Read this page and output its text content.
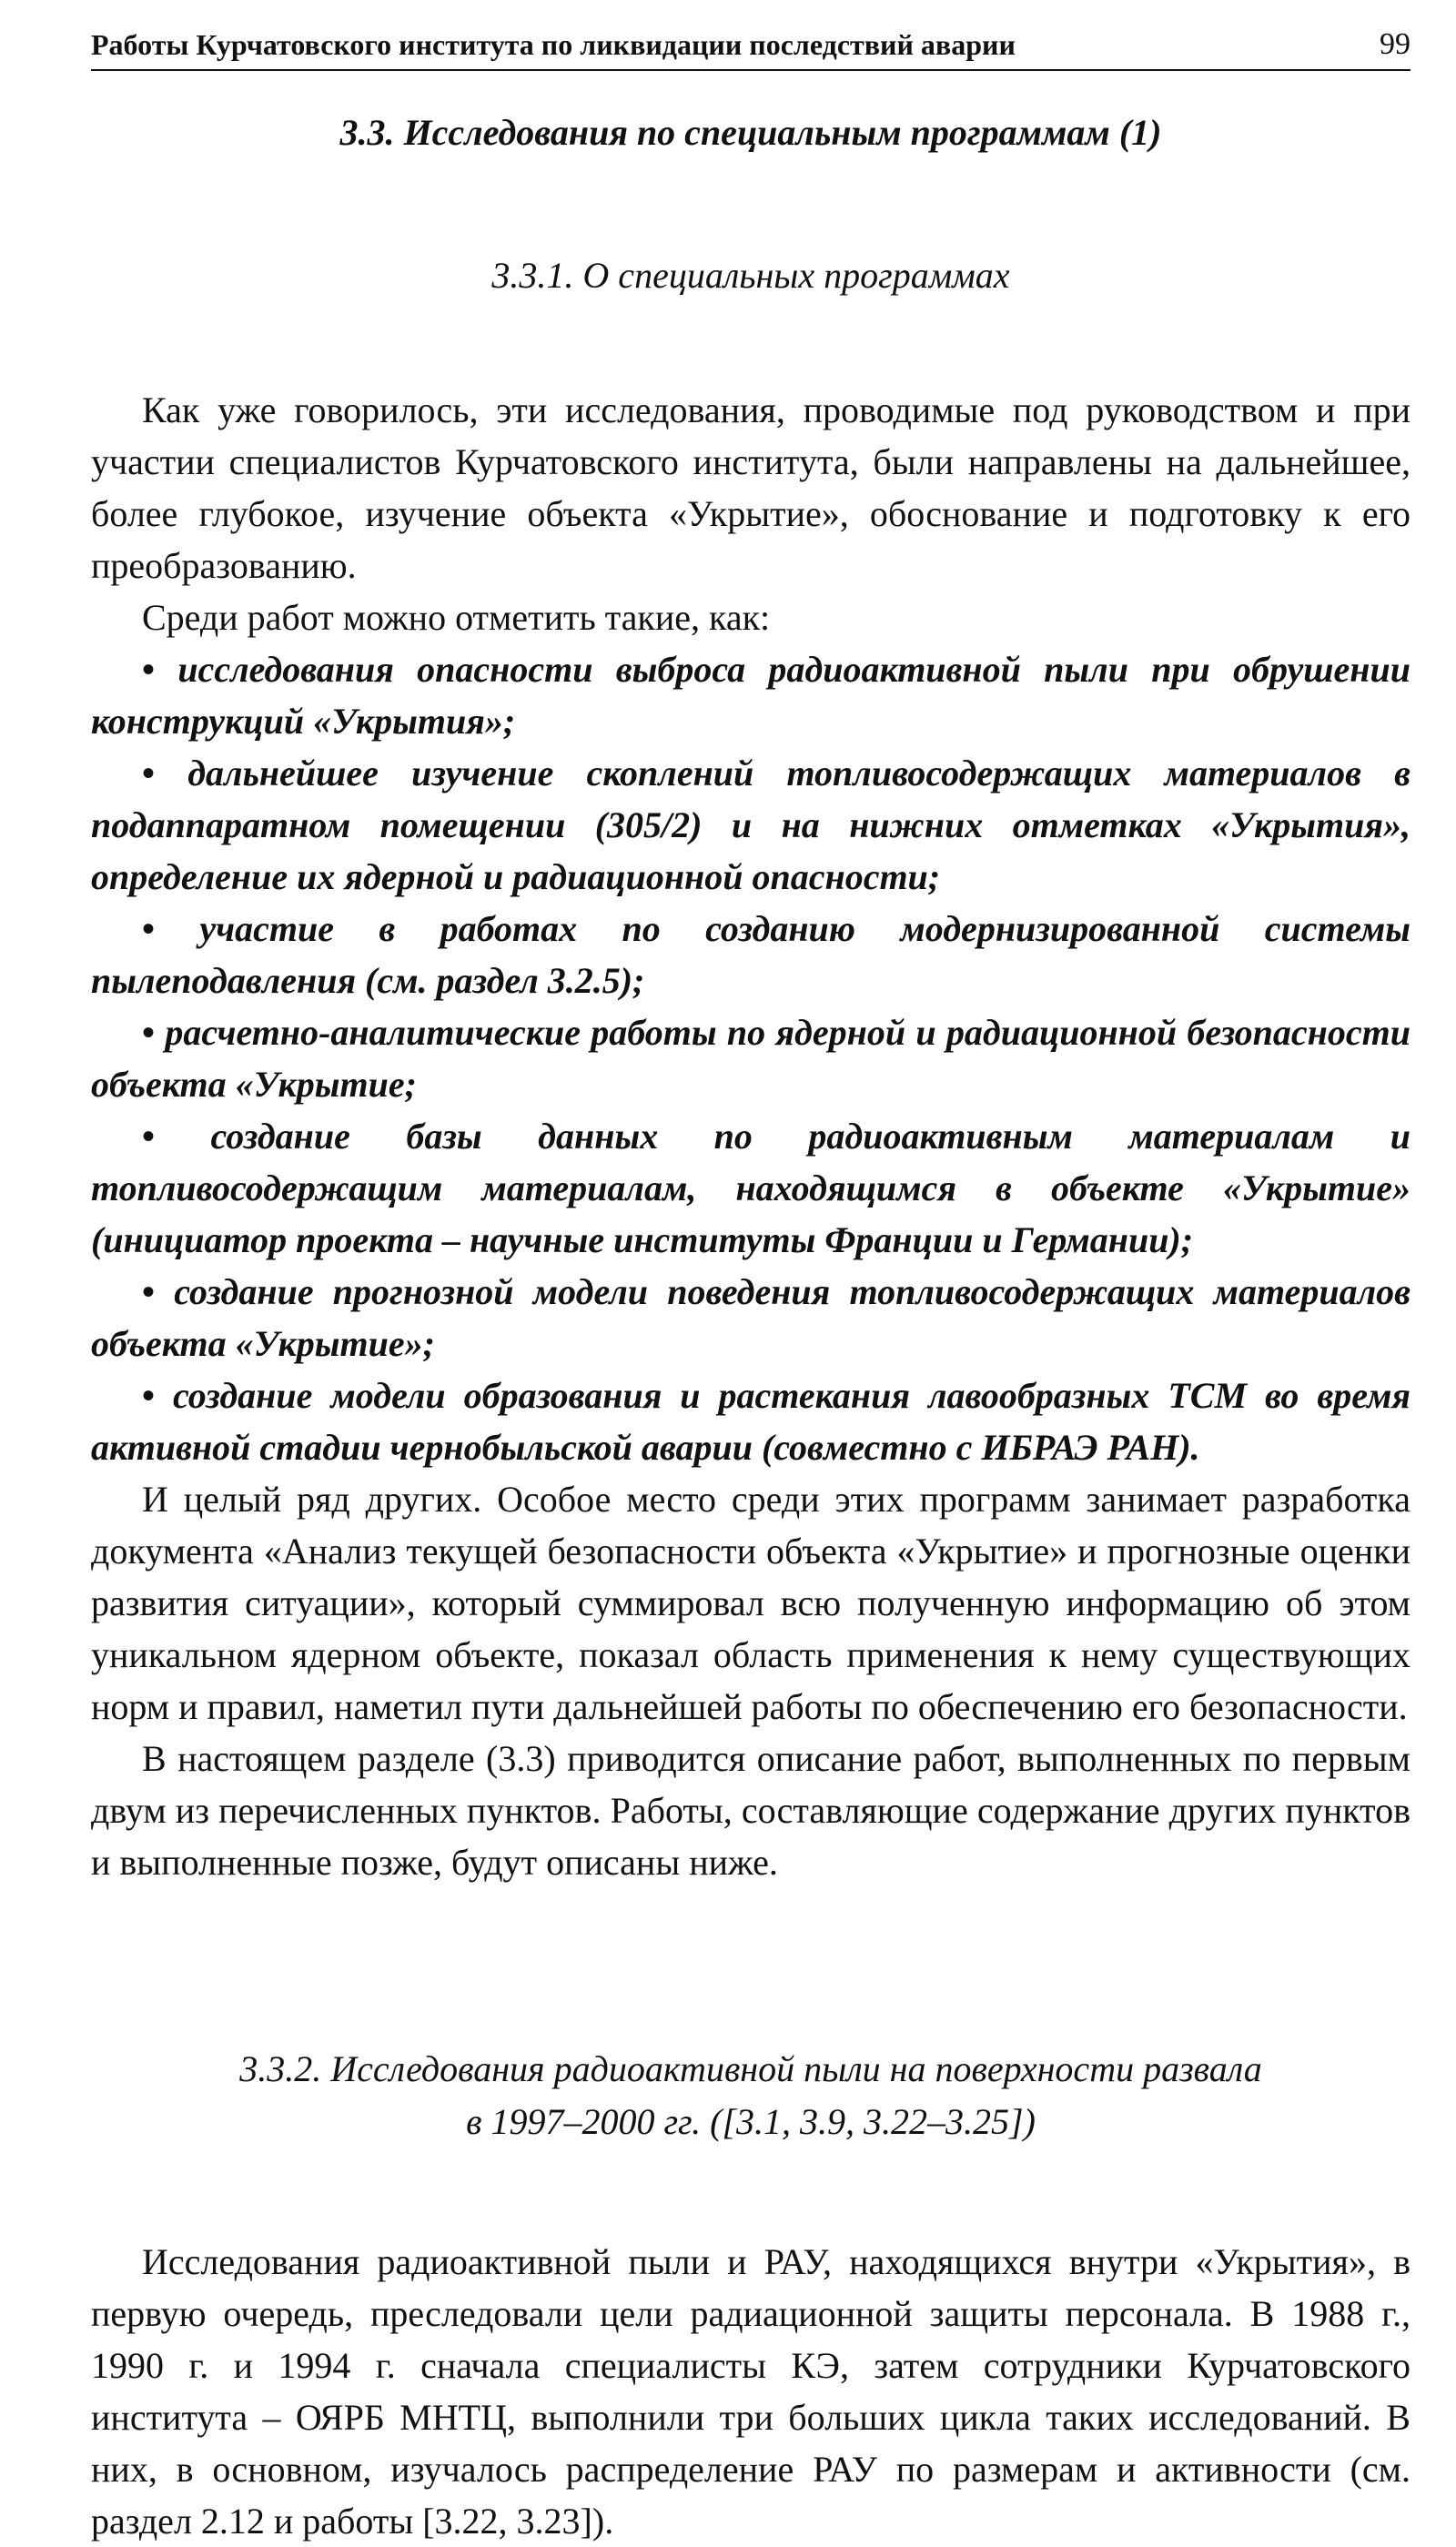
Работы Курчатовского института по ликвидации последствий аварии	99
3.3. Исследования по специальным программам (1)
3.3.1. О специальных программах

Как уже говорилось, эти исследования, проводимые под руководством и при участии специалистов Курчатовского института, были направлены на дальнейшее, более глубокое, изучение объекта «Укрытие», обоснование и подготовку к его преобразованию.

Среди работ можно отметить такие, как:

• исследования опасности выброса радиоактивной пыли при обрушении конструкций «Укрытия»;
• дальнейшее изучение скоплений топливосодержащих материалов в подаппаратном помещении (305/2) и на нижних отметках «Укрытия», определение их ядерной и радиационной опасности;
• участие в работах по созданию модернизированной системы пылеподавления (см. раздел 3.2.5);
• расчетно-аналитические работы по ядерной и радиационной безопасности объекта «Укрытие;
• создание базы данных по радиоактивным материалам и топливосодержащим материалам, находящимся в объекте «Укрытие» (инициатор проекта – научные институты Франции и Германии);
• создание прогнозной модели поведения топливосодержащих материалов объекта «Укрытие»;
• создание модели образования и растекания лавообразных ТСМ во время активной стадии чернобыльской аварии (совместно с ИБРАЭ РАН).

И целый ряд других. Особое место среди этих программ занимает разработка документа «Анализ текущей безопасности объекта «Укрытие» и прогнозные оценки развития ситуации», который суммировал всю полученную информацию об этом уникальном ядерном объекте, показал область применения к нему существующих норм и правил, наметил пути дальнейшей работы по обеспечению его безопасности.

В настоящем разделе (3.3) приводится описание работ, выполненных по первым двум из перечисленных пунктов. Работы, составляющие содержание других пунктов и выполненные позже, будут описаны ниже.

3.3.2. Исследования радиоактивной пыли на поверхности развала
в 1997–2000 гг. ([3.1, 3.9, 3.22–3.25])

Исследования радиоактивной пыли и РАУ, находящихся внутри «Укрытия», в первую очередь, преследовали цели радиационной защиты персонала. В 1988 г., 1990 г. и 1994 г. сначала специалисты КЭ, затем сотрудники Курчатовского института – ОЯРБ МНТЦ, выполнили три больших цикла таких исследований. В них, в основном, изучалось распределение РАУ по размерам и активности (см. раздел 2.12 и работы [3.22, 3.23]).
